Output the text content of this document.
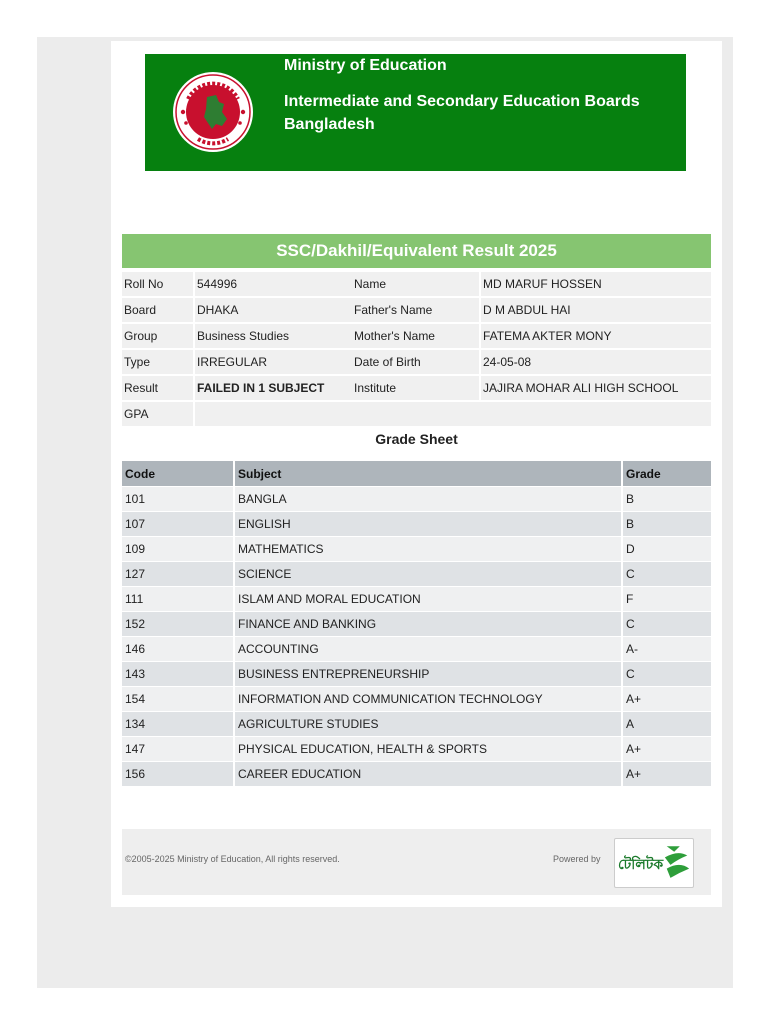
Ministry of Education
Intermediate and Secondary Education Boards
Bangladesh
SSC/Dakhil/Equivalent Result 2025
Roll No		544996	Name		MD MARUF HOSSEN
Board		DHAKA	Father's Name		D M ABDUL HAI
Group		Business Studies	Mother's Name		FATEMA AKTER MONY
Type		IRREGULAR	Date of Birth		24-05-08
Result		FAILED IN 1 SUBJECT	Institute		JAJIRA MOHAR ALI HIGH SCHOOL
GPA					
Grade Sheet
Code		Subject		Grade
101		BANGLA		B
107		ENGLISH		B
109		MATHEMATICS		D
127		SCIENCE		C
111		ISLAM AND MORAL EDUCATION		F
152		FINANCE AND BANKING		C
146		ACCOUNTING		A-
143		BUSINESS ENTREPRENEURSHIP		C
154		INFORMATION AND COMMUNICATION TECHNOLOGY		A+
134		AGRICULTURE STUDIES		A
147		PHYSICAL EDUCATION, HEALTH & SPORTS		A+
156		CAREER EDUCATION		A+
©2005-2025 Ministry of Education, All rights reserved.	Powered by টেলিটক
